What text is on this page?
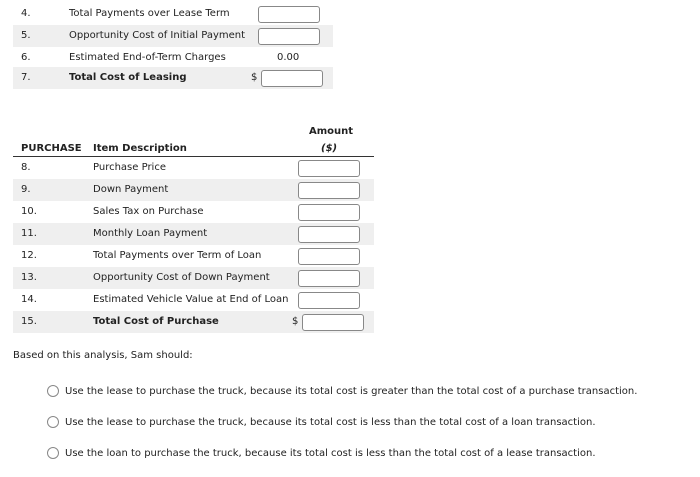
4.	Total Payments over Lease Term
5.	Opportunity Cost of Initial Payment
6.	Estimated End-of-Term Charges	0.00
7.	Total Cost of Leasing	$
Amount
($)
PURCHASE Item Description
8.	Purchase Price
9.	Down Payment
10.	Sales Tax on Purchase
11.	Monthly Loan Payment
12.	Total Payments over Term of Loan
13.	Opportunity Cost of Down Payment
14.	Estimated Vehicle Value at End of Loan
15.	Total Cost of Purchase	$
Based on this analysis, Sam should:
Use the lease to purchase the truck, because its total cost is greater than the total cost of a purchase transaction.
Use the lease to purchase the truck, because its total cost is less than the total cost of a loan transaction.
Use the loan to purchase the truck, because its total cost is less than the total cost of a lease transaction.
